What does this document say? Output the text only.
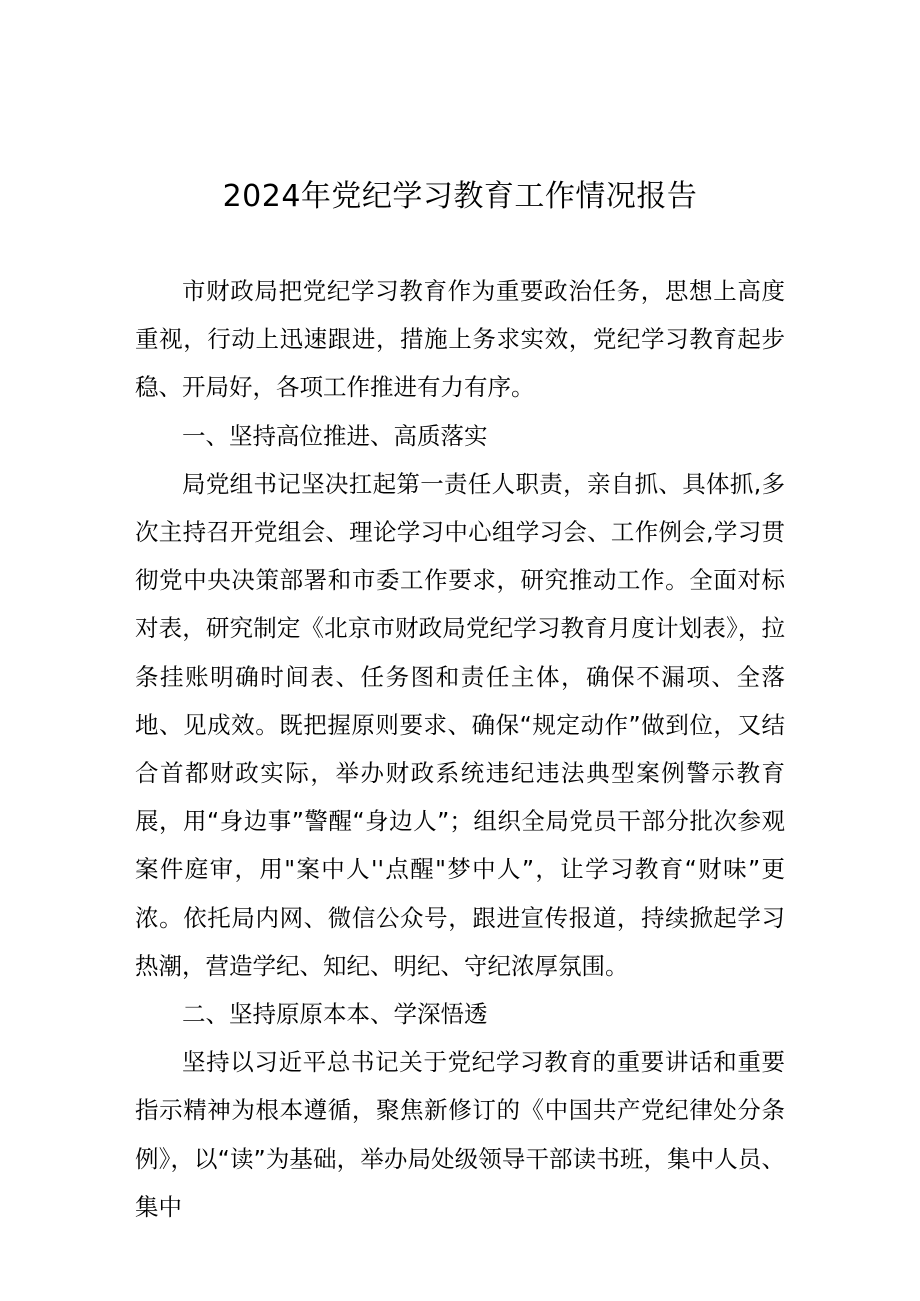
2024年党纪学习教育工作情况报告

市财政局把党纪学习教育作为重要政治任务，思想上高度重视，行动上迅速跟进，措施上务求实效，党纪学习教育起步稳、开局好，各项工作推进有力有序。

一、坚持高位推进、高质落实

局党组书记坚决扛起第一责任人职责，亲自抓、具体抓,多次主持召开党组会、理论学习中心组学习会、工作例会,学习贯彻党中央决策部署和市委工作要求，研究推动工作。全面对标对表，研究制定《北京市财政局党纪学习教育月度计划表》，拉条挂账明确时间表、任务图和责任主体，确保不漏项、全落地、见成效。既把握原则要求、确保“规定动作”做到位，又结合首都财政实际，举办财政系统违纪违法典型案例警示教育展，用“身边事”警醒“身边人”；组织全局党员干部分批次参观案件庭审，用"案中人''点醒"梦中人”，让学习教育“财味”更浓。依托局内网、微信公众号，跟进宣传报道，持续掀起学习热潮，营造学纪、知纪、明纪、守纪浓厚氛围。

二、坚持原原本本、学深悟透

坚持以习近平总书记关于党纪学习教育的重要讲话和重要指示精神为根本遵循，聚焦新修订的《中国共产党纪律处分条例》，以“读”为基础，举办局处级领导干部读书班，集中人员、集中
